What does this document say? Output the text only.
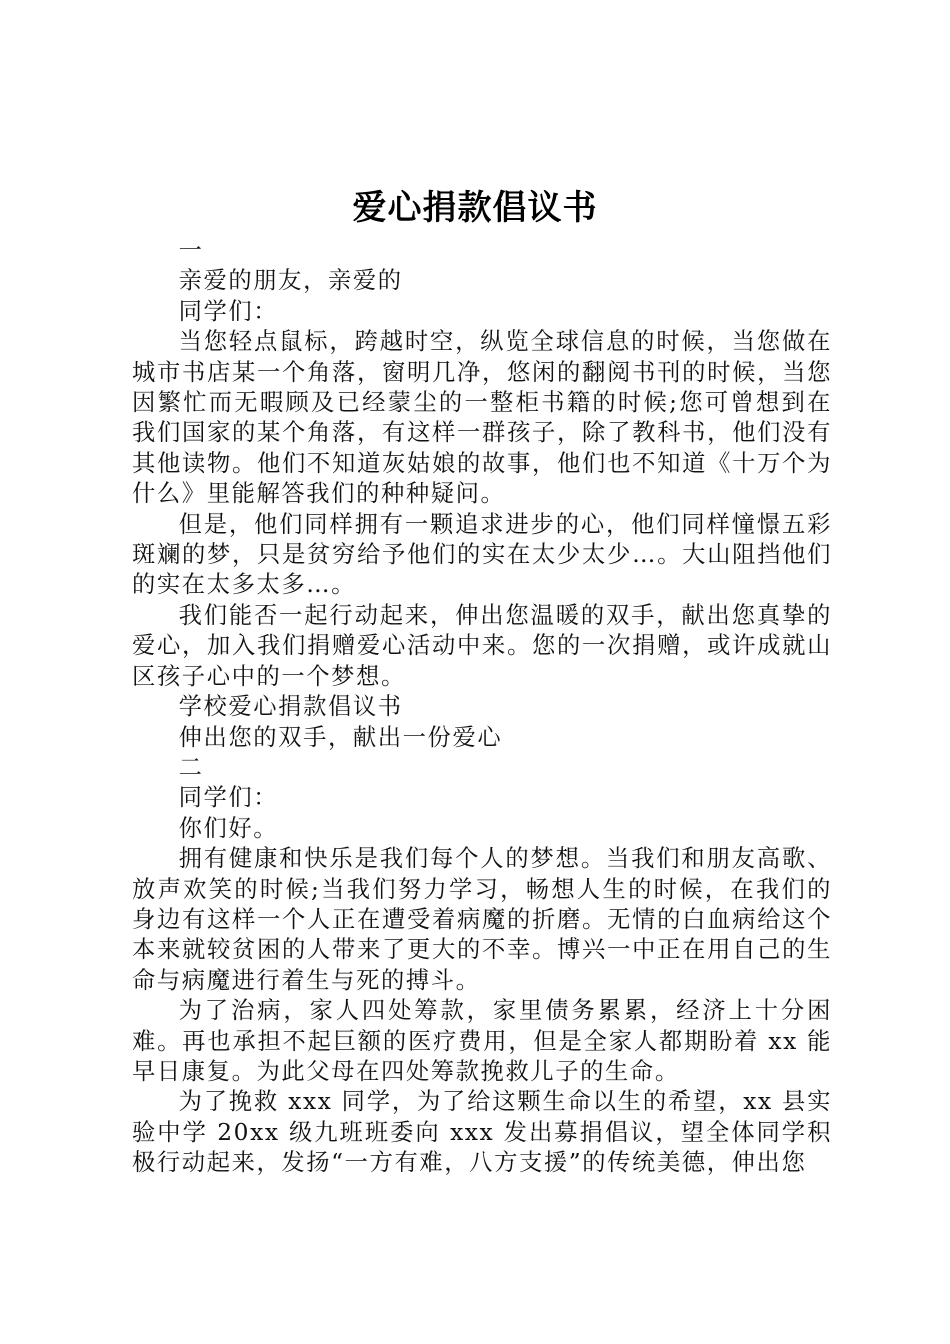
爱心捐款倡议书

一

亲爱的朋友，亲爱的

同学们：

当您轻点鼠标，跨越时空，纵览全球信息的时候，当您做在城市书店某一个角落，窗明几净，悠闲的翻阅书刊的时候，当您因繁忙而无暇顾及已经蒙尘的一整柜书籍的时候;您可曾想到在我们国家的某个角落，有这样一群孩子，除了教科书，他们没有其他读物。他们不知道灰姑娘的故事，他们也不知道《十万个为什么》里能解答我们的种种疑问。

但是，他们同样拥有一颗追求进步的心，他们同样憧憬五彩斑斓的梦，只是贫穷给予他们的实在太少太少…。大山阻挡他们的实在太多太多…。

我们能否一起行动起来，伸出您温暖的双手，献出您真挚的爱心，加入我们捐赠爱心活动中来。您的一次捐赠，或许成就山区孩子心中的一个梦想。

学校爱心捐款倡议书

伸出您的双手，献出一份爱心

二

同学们：

你们好。

拥有健康和快乐是我们每个人的梦想。当我们和朋友高歌、放声欢笑的时候;当我们努力学习，畅想人生的时候，在我们的身边有这样一个人正在遭受着病魔的折磨。无情的白血病给这个本来就较贫困的人带来了更大的不幸。博兴一中正在用自己的生命与病魔进行着生与死的搏斗。

为了治病，家人四处筹款，家里债务累累，经济上十分困难。再也承担不起巨额的医疗费用，但是全家人都期盼着 xx 能早日康复。为此父母在四处筹款挽救儿子的生命。

为了挽救 xxx 同学，为了给这颗生命以生的希望，xx 县实验中学 20xx 级九班班委向 xxx 发出募捐倡议，望全体同学积极行动起来，发扬“一方有难，八方支援”的传统美德，伸出您
